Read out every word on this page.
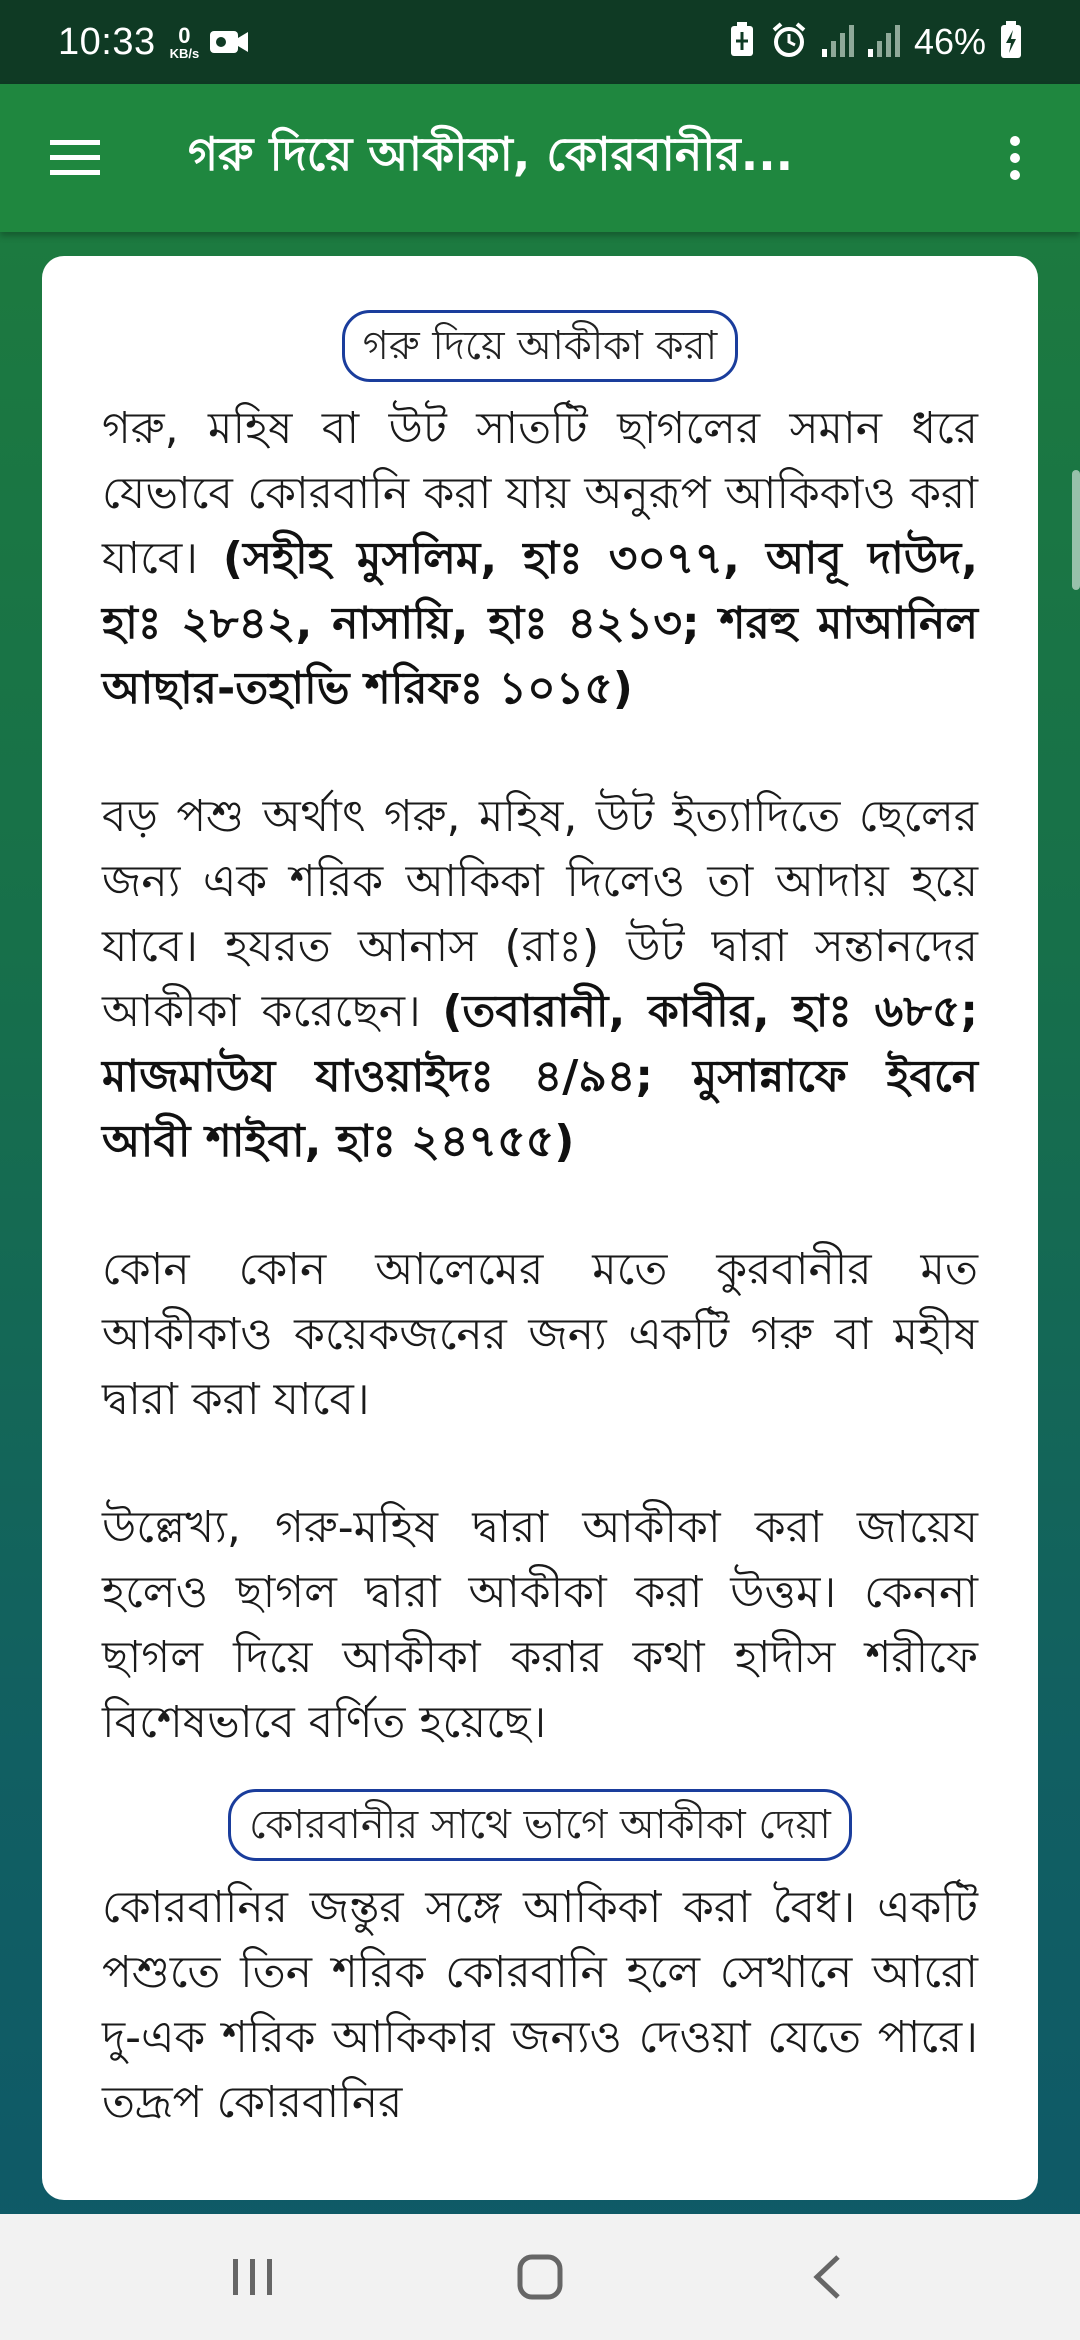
10:33 0
KB/s	46%
গরু দিয়ে আকীকা, কোরবানীর...
গরু দিয়ে আকীকা করা

গরু, মহিষ বা উট সাতটি ছাগলের সমান ধরে যেভাবে কোরবানি করা যায় অনুরূপ আকিকাও করা যাবে। (সহীহ মুসলিম, হাঃ ৩০৭৭, আবূ দাউদ, হাঃ ২৮৪২, নাসায়ি, হাঃ ৪২১৩; শরহু মাআনিল আছার-তহাভি শরিফঃ ১০১৫)

বড় পশু অর্থাৎ গরু, মহিষ, উট ইত্যাদিতে ছেলের জন্য এক শরিক আকিকা দিলেও তা আদায় হয়ে যাবে। হযরত আনাস (রাঃ) উট দ্বারা সন্তানদের আকীকা করেছেন। (তবারানী, কাবীর, হাঃ ৬৮৫; মাজমাউয যাওয়াইদঃ ৪/৯৪; মুসান্নাফে ইবনে আবী শাইবা, হাঃ ২৪৭৫৫)

কোন কোন আলেমের মতে কুরবানীর মত আকীকাও কয়েকজনের জন্য একটি গরু বা মহীষ দ্বারা করা যাবে।

উল্লেখ্য, গরু-মহিষ দ্বারা আকীকা করা জায়েয হলেও ছাগল দ্বারা আকীকা করা উত্তম। কেননা ছাগল দিয়ে আকীকা করার কথা হাদীস শরীফে বিশেষভাবে বর্ণিত হয়েছে।

কোরবানীর সাথে ভাগে আকীকা দেয়া

কোরবানির জন্তুর সঙ্গে আকিকা করা বৈধ। একটি পশুতে তিন শরিক কোরবানি হলে সেখানে আরো দু-এক শরিক আকিকার জন্যও দেওয়া যেতে পারে। তদ্রূপ কোরবানির
